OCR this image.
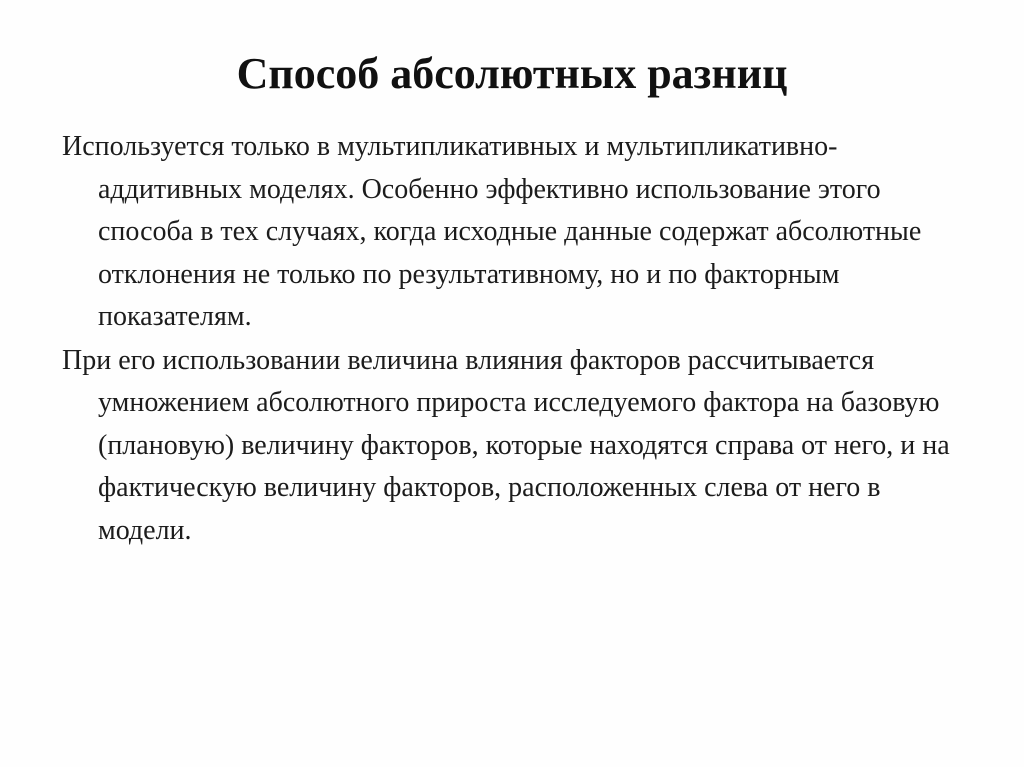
Способ абсолютных разниц

Используется только в мультипликативных и мультипликативно-аддитивных моделях. Особенно эффективно использование этого способа в тех случаях, когда исходные данные содержат абсолютные отклонения не только по результативному, но и по факторным показателям.

При его использовании величина влияния факторов рассчитывается умножением абсолютного прироста исследуемого фактора на базовую (плановую) величину факторов, которые находятся справа от него, и на фактическую величину факторов, расположенных слева от него в модели.
